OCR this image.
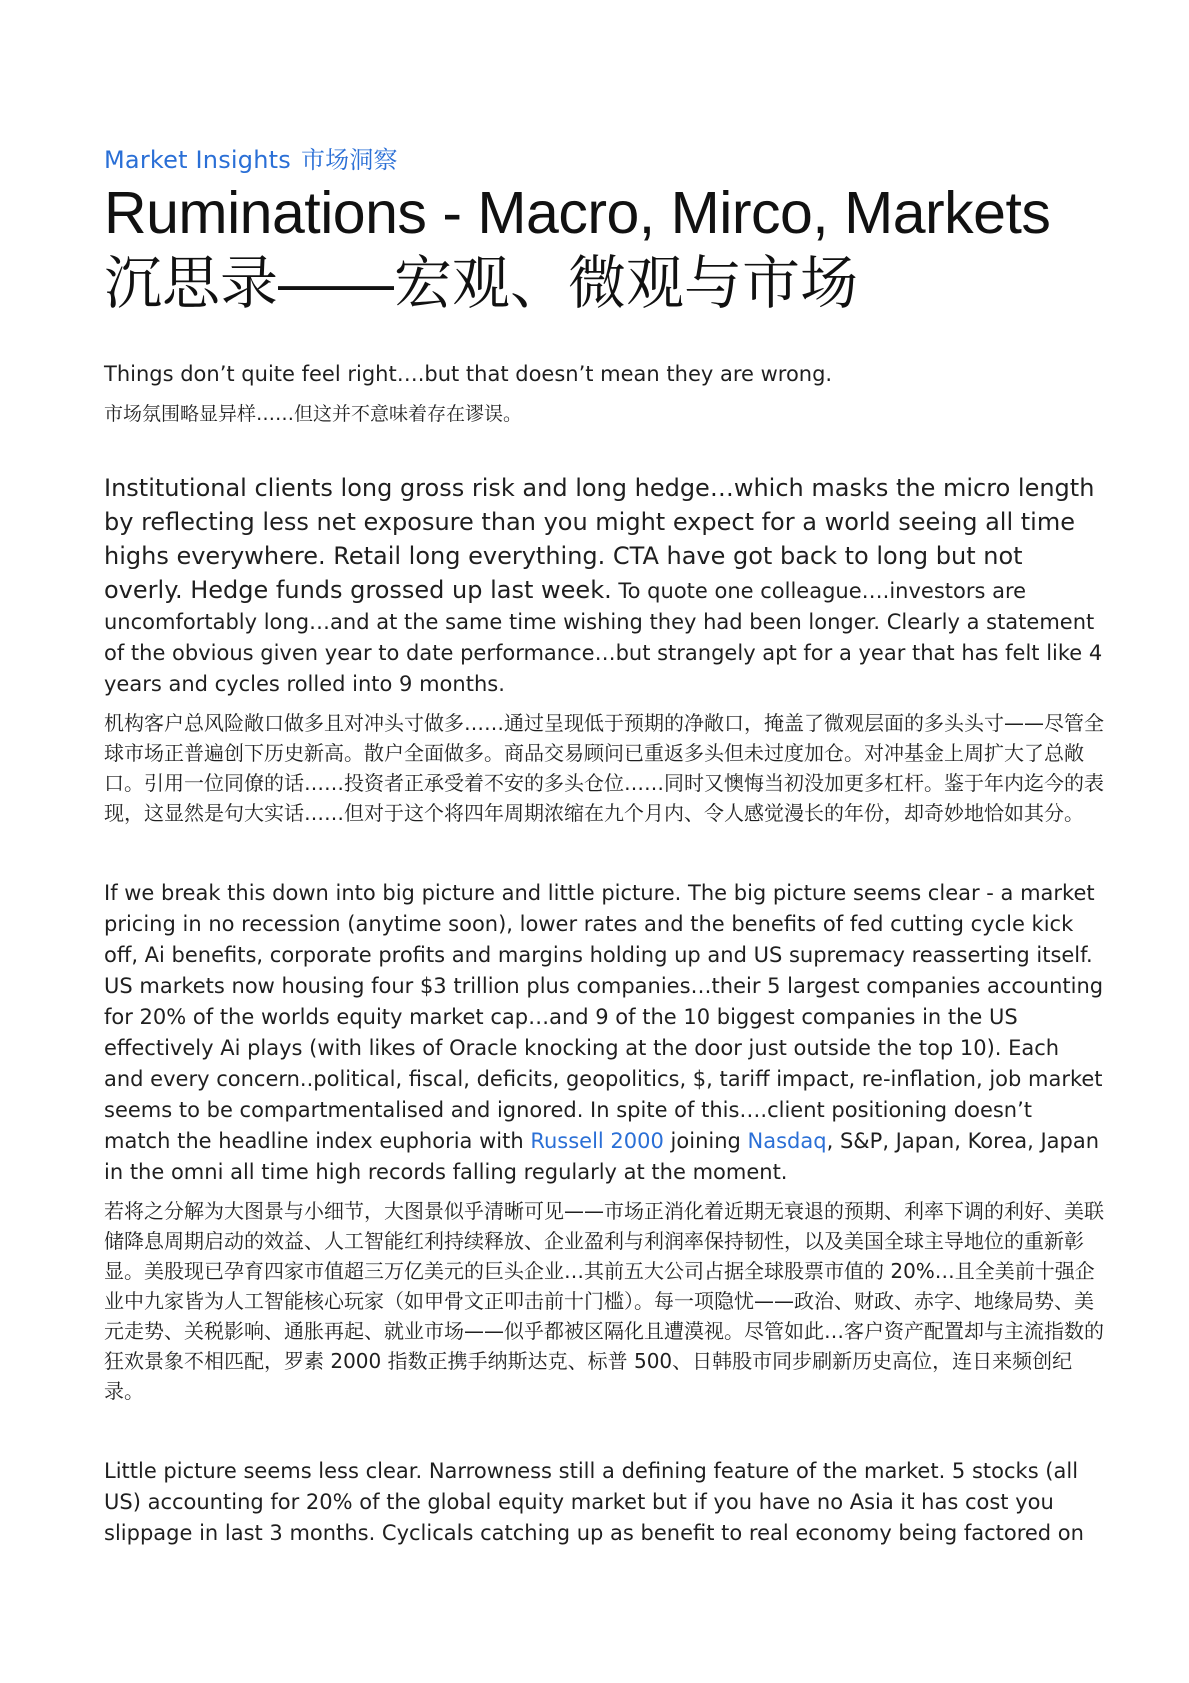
Market Insights 市场洞察
Ruminations - Macro, Mirco, Markets
沉思录——宏观、微观与市场

Things don’t quite feel right….but that doesn’t mean they are wrong.

市场氛围略显异样……但这并不意味着存在谬误。

Institutional clients long gross risk and long hedge…which masks the micro length by reflecting less net exposure than you might expect for a world seeing all time highs everywhere. Retail long everything. CTA have got back to long but not overly. Hedge funds grossed up last week. To quote one colleague….investors are uncomfortably long…and at the same time wishing they had been longer. Clearly a statement of the obvious given year to date performance…but strangely apt for a year that has felt like 4 years and cycles rolled into 9 months.

机构客户总风险敞口做多且对冲头寸做多……通过呈现低于预期的净敞口，掩盖了微观层面的多头头寸——尽管全球市场正普遍创下历史新高。散户全面做多。商品交易顾问已重返多头但未过度加仓。对冲基金上周扩大了总敞口。引用一位同僚的话……投资者正承受着不安的多头仓位……同时又懊悔当初没加更多杠杆。鉴于年内迄今的表现，这显然是句大实话……但对于这个将四年周期浓缩在九个月内、令人感觉漫长的年份，却奇妙地恰如其分。

If we break this down into big picture and little picture. The big picture seems clear - a market pricing in no recession (anytime soon), lower rates and the benefits of fed cutting cycle kick off, Ai benefits, corporate profits and margins holding up and US supremacy reasserting itself. US markets now housing four $3 trillion plus companies…their 5 largest companies accounting for 20% of the worlds equity market cap…and 9 of the 10 biggest companies in the US effectively Ai plays (with likes of Oracle knocking at the door just outside the top 10). Each and every concern..political, fiscal, deficits, geopolitics, $, tariff impact, re-inflation, job market seems to be compartmentalised and ignored. In spite of this….client positioning doesn’t match the headline index euphoria with Russell 2000 joining Nasdaq, S&P, Japan, Korea, Japan in the omni all time high records falling regularly at the moment.

若将之分解为大图景与小细节，大图景似乎清晰可见——市场正消化着近期无衰退的预期、利率下调的利好、美联储降息周期启动的效益、人工智能红利持续释放、企业盈利与利润率保持韧性，以及美国全球主导地位的重新彰显。美股现已孕育四家市值超三万亿美元的巨头企业…其前五大公司占据全球股票市值的 20%…且全美前十强企业中九家皆为人工智能核心玩家（如甲骨文正叩击前十门槛）。每一项隐忧——政治、财政、赤字、地缘局势、美元走势、关税影响、通胀再起、就业市场——似乎都被区隔化且遭漠视。尽管如此…客户资产配置却与主流指数的狂欢景象不相匹配，罗素 2000 指数正携手纳斯达克、标普 500、日韩股市同步刷新历史高位，连日来频创纪录。

Little picture seems less clear. Narrowness still a defining feature of the market. 5 stocks (all US) accounting for 20% of the global equity market but if you have no Asia it has cost you slippage in last 3 months. Cyclicals catching up as benefit to real economy being factored on
